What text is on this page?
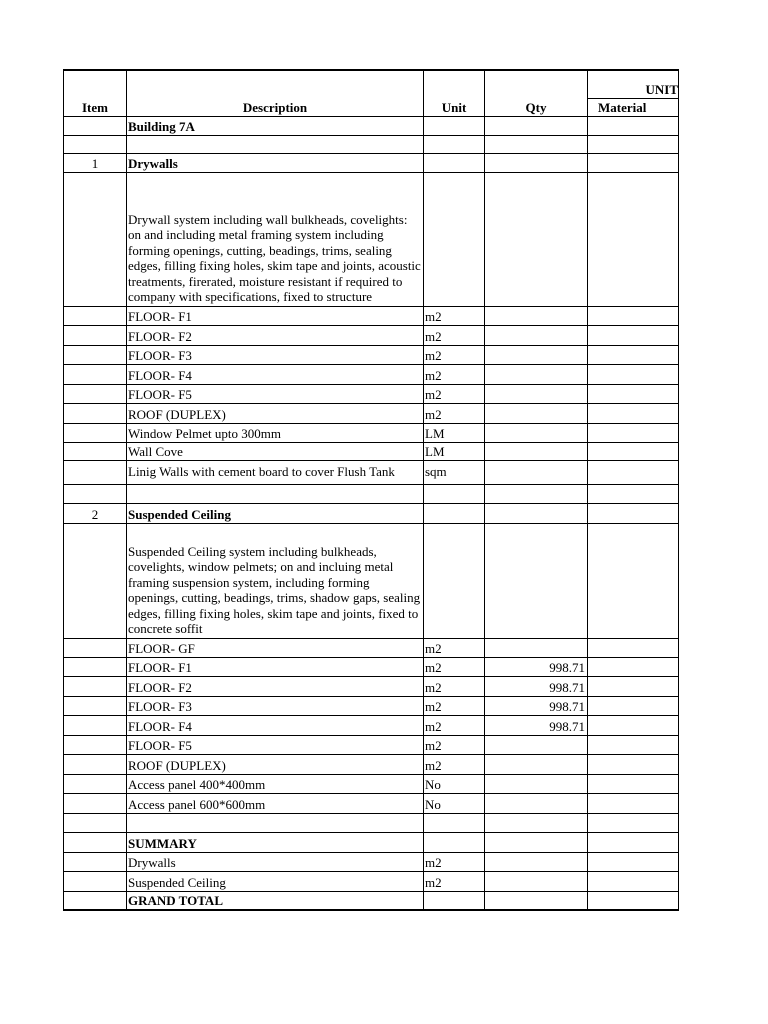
Item	Description	Unit	Qty	UNIT
				Material
	Building 7A			

1	Drywalls			
	Drywall system including wall bulkheads, covelights: on and including metal framing system including forming openings, cutting, beadings, trims, sealing edges, filling fixing holes, skim tape and joints, acoustic treatments, firerated, moisture resistant if required to company with specifications, fixed to structure			
	FLOOR- F1	m2		
	FLOOR- F2	m2		
	FLOOR- F3	m2		
	FLOOR- F4	m2		
	FLOOR- F5	m2		
	ROOF (DUPLEX)	m2		
	Window Pelmet upto 300mm	LM		
	Wall Cove	LM		
	Linig Walls with cement board to cover Flush Tank	sqm		

2	Suspended Ceiling			
	Suspended Ceiling system including bulkheads, covelights, window pelmets; on and incluing metal framing suspension system, including forming openings, cutting, beadings, trims, shadow gaps, sealing edges, filling fixing holes, skim tape and joints, fixed to concrete soffit			
	FLOOR- GF	m2		
	FLOOR- F1	m2	998.71	
	FLOOR- F2	m2	998.71	
	FLOOR- F3	m2	998.71	
	FLOOR- F4	m2	998.71	
	FLOOR- F5	m2		
	ROOF (DUPLEX)	m2		
	Access panel 400*400mm	No		
	Access panel 600*600mm	No		

	SUMMARY			
	Drywalls	m2		
	Suspended Ceiling	m2		
	GRAND TOTAL			
